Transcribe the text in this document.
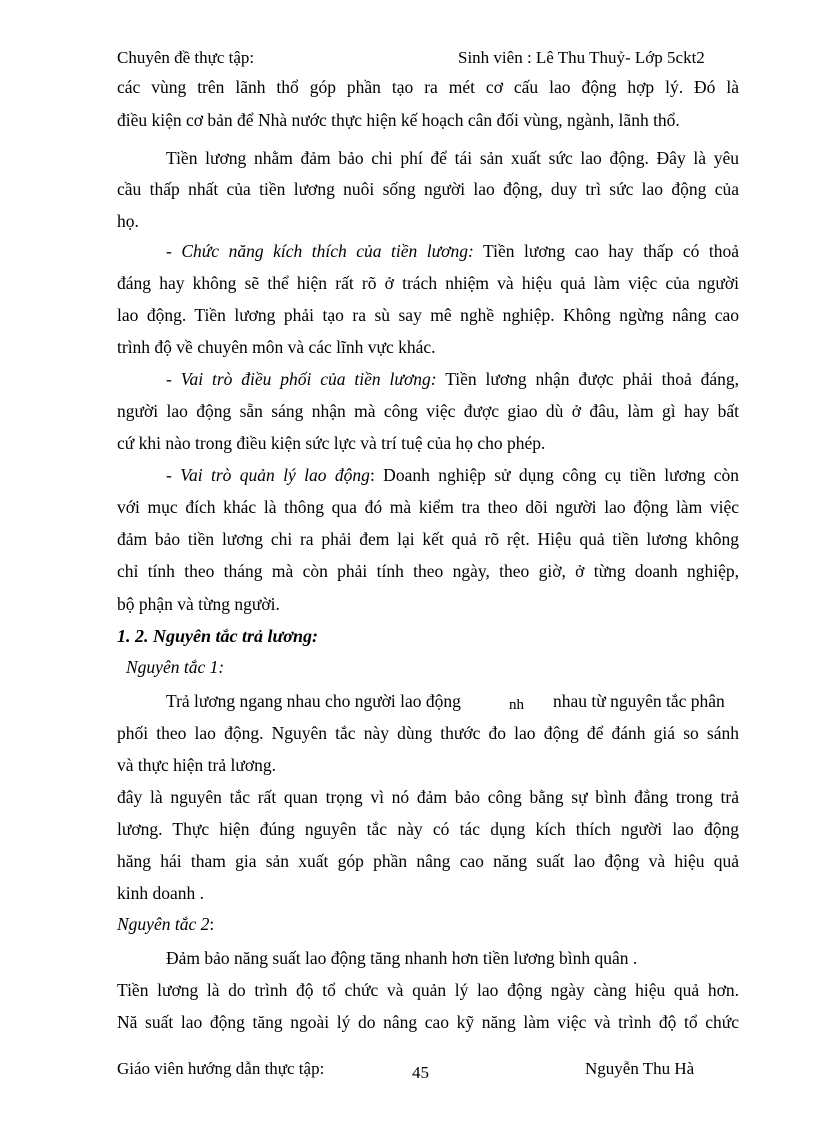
Chuyên đề thực tập:	Sinh viên : Lê Thu Thuỷ- Lớp 5ckt2
các vùng trên lãnh thổ góp phần tạo ra mét cơ cấu lao động hợp lý. Đó là
điều kiện cơ bản để Nhà nước thực hiện kế hoạch cân đối vùng, ngành, lãnh thổ.
Tiền lương nhằm đảm bảo chi phí để tái sản xuất sức lao động. Đây là yêu
cầu thấp nhất của tiền lương nuôi sống người lao động, duy trì sức lao động của
họ.
- Chức năng kích thích của tiền lương: Tiền lương cao hay thấp có thoả
đáng hay không sẽ thể hiện rất rõ ở trách nhiệm và hiệu quả làm việc của người
lao động. Tiền lương phải tạo ra sù say mê nghề nghiệp. Không ngừng nâng cao
trình độ về chuyên môn và các lĩnh vực khác.
- Vai trò điều phối của tiền lương: Tiền lương nhận được phải thoả đáng,
người lao động sẵn sáng nhận mà công việc được giao dù ở đâu, làm gì hay bất
cứ khi nào trong điều kiện sức lực và trí tuệ của họ cho phép.
- Vai trò quản lý lao động: Doanh nghiệp sử dụng công cụ tiền lương còn
với mục đích khác là thông qua đó mà kiểm tra theo dõi người lao động làm việc
đảm bảo tiền lương chi ra phải đem lại kết quả rõ rệt. Hiệu quả tiền lương không
chỉ tính theo tháng mà còn phải tính theo ngày, theo giờ, ở từng doanh nghiệp,
bộ phận và từng người.
1. 2. Nguyên tắc trả lương:
Nguyên tắc 1:
Trả lương ngang nhau cho người lao động	nh nhau từ nguyên tắc phân
phối theo lao động. Nguyên tắc này dùng thước đo lao động để đánh giá so sánh
và thực hiện trả lương.
đây là nguyên tắc rất quan trọng vì nó đảm bảo công bằng sự bình đẳng trong trả
lương. Thực hiện đúng nguyên tắc này có tác dụng kích thích người lao động
hăng hái tham gia sản xuất góp phần nâng cao năng suất lao động và hiệu quả
kinh doanh .
Nguyên tắc 2:
Đảm bảo năng suất lao động tăng nhanh hơn tiền lương bình quân .
Tiền lương là do trình độ tổ chức và quản lý lao động ngày càng hiệu quả hơn.
Nă suất lao động tăng ngoài lý do nâng cao kỹ năng làm việc và trình độ tổ chức
Giáo viên hướng dẫn thực tập:	45	Nguyễn Thu Hà
